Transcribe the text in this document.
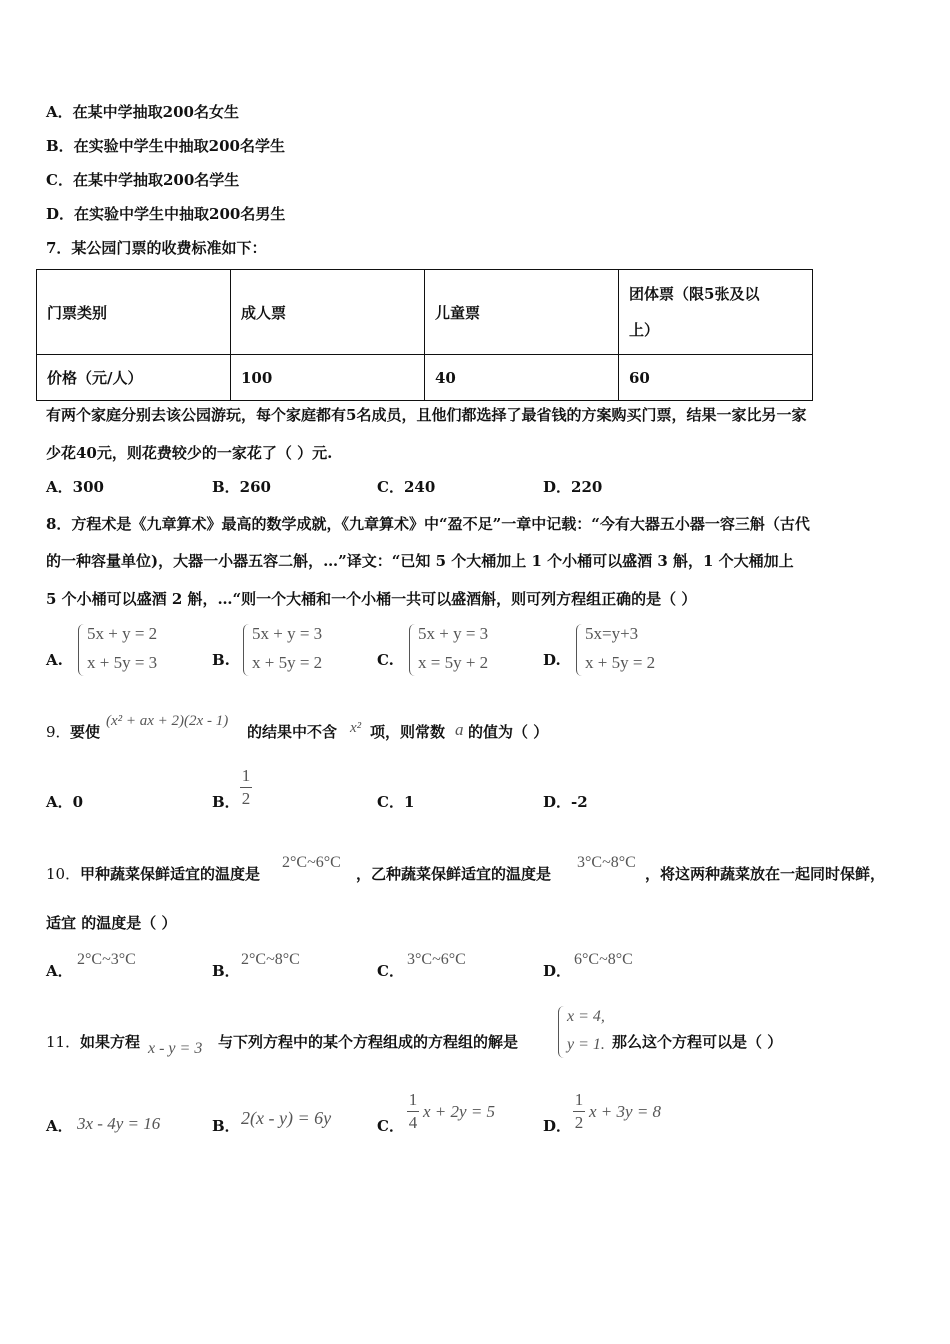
A．在某中学抽取200名女生
B．在实验中学生中抽取200名学生
C．在某中学抽取200名学生
D．在实验中学生中抽取200名男生
7．某公园门票的收费标准如下：
门票类别	成人票	儿童票	团体票（限5张及以
上）

价格（元/人）	100	40	60
有两个家庭分别去该公园游玩，每个家庭都有5名成员，且他们都选择了最省钱的方案购买门票，结果一家比另一家
少花40元，则花费较少的一家花了（ ）元.
A．300	B．260	C．240	D．220
8．方程术是《九章算术》最高的数学成就，《九章算术》中“盈不足”一章中记载：“今有大器五小器一容三斛（古代
的一种容量单位)，大器一小器五容二斛，…”译文：“已知 5 个大桶加上 1 个小桶可以盛酒 3 斛，1 个大桶加上
5 个小桶可以盛酒 2 斛，…“则一个大桶和一个小桶一共可以盛酒斛，则可列方程组正确的是（ ）
A.
5x + y = 2
x + 5y = 3	B.
5x + y = 3
x + 5y = 2	C.
5x + y = 3
x = 5y + 2	D.
5x=y+3
x + 5y = 2
9． 要使
(x² + ax + 2)(2x - 1)
的结果中不含 x² 项，则常数 a 的值为（ ）
A．0	B．
1
2	C．1	D．-2
10． 甲种蔬菜保鲜适宜的温度是
2°C~6°C
，乙种蔬菜保鲜适宜的温度是
3°C~8°C
，将这两种蔬菜放在一起同时保鲜，
适宜 的温度是（ ）
A．
2°C~3°C
B．
2°C~8°C
C．
3°C~6°C
D．
6°C~8°C
11． 如果方程 x - y = 3 与下列方程中的某个方程组成的方程组的解是
x = 4,
y = 1. 那么这个方程可以是（ ）
A． 3x - 4y = 16	B． 2(x - y) = 6y	C．
1
4
x + 2y = 5
D．
1
2
x + 3y = 8
